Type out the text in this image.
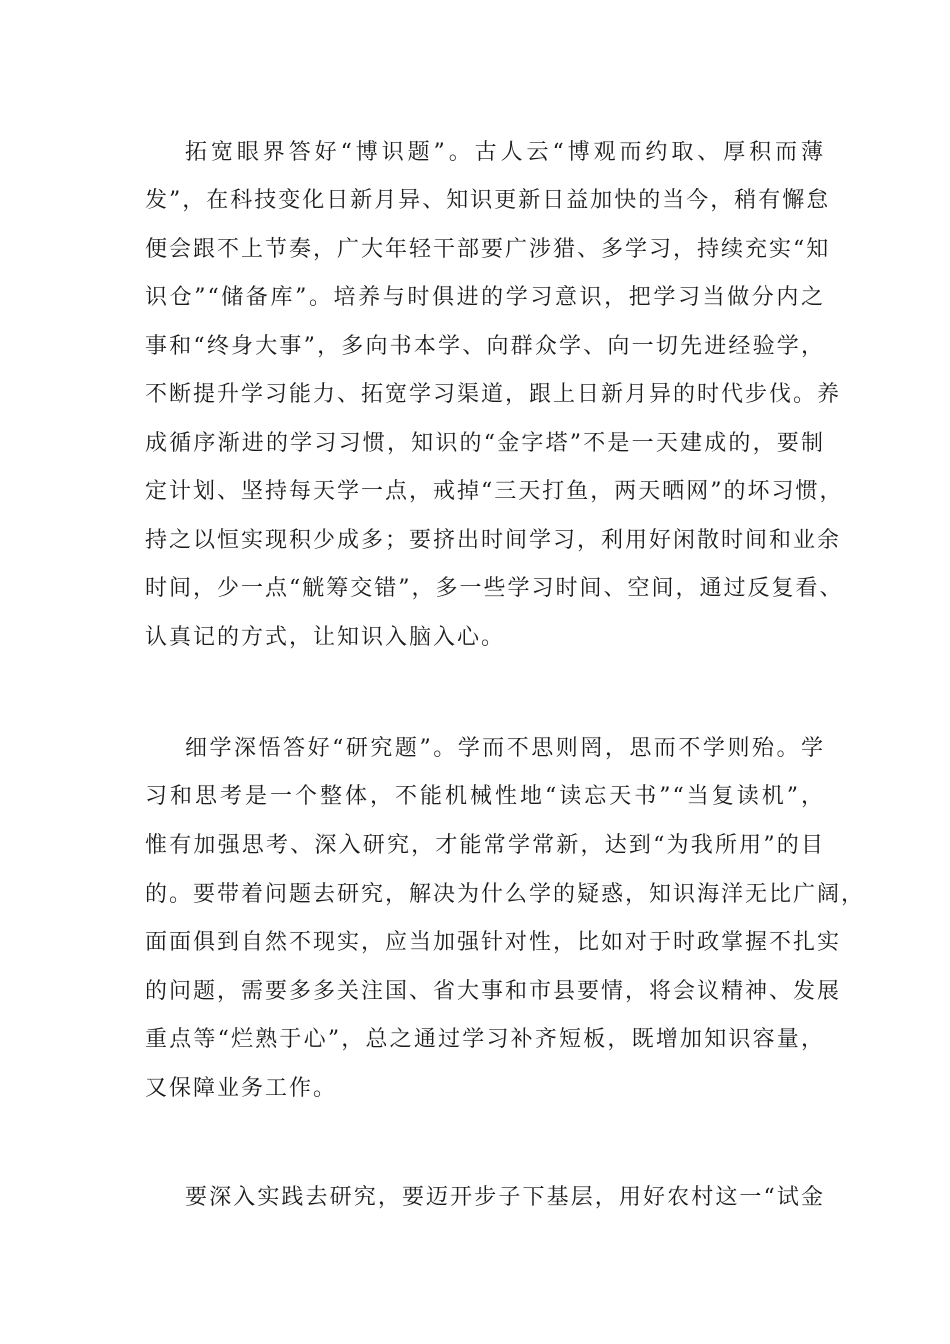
拓宽眼界答好“博识题”。古人云“博观而约取、厚积而薄
发”，在科技变化日新月异、知识更新日益加快的当今，稍有懈怠
便会跟不上节奏，广大年轻干部要广涉猎、多学习，持续充实“知
识仓”“储备库”。培养与时俱进的学习意识，把学习当做分内之
事和“终身大事”，多向书本学、向群众学、向一切先进经验学，
不断提升学习能力、拓宽学习渠道，跟上日新月异的时代步伐。养
成循序渐进的学习习惯，知识的“金字塔”不是一天建成的，要制
定计划、坚持每天学一点，戒掉“三天打鱼，两天晒网”的坏习惯，
持之以恒实现积少成多；要挤出时间学习，利用好闲散时间和业余
时间，少一点“觥筹交错”，多一些学习时间、空间，通过反复看、
认真记的方式，让知识入脑入心。
细学深悟答好“研究题”。学而不思则罔，思而不学则殆。学
习和思考是一个整体，不能机械性地“读忘天书”“当复读机”，
惟有加强思考、深入研究，才能常学常新，达到“为我所用”的目
的。要带着问题去研究，解决为什么学的疑惑，知识海洋无比广阔，
面面俱到自然不现实，应当加强针对性，比如对于时政掌握不扎实
的问题，需要多多关注国、省大事和市县要情，将会议精神、发展
重点等“烂熟于心”，总之通过学习补齐短板，既增加知识容量，
又保障业务工作。
要深入实践去研究，要迈开步子下基层，用好农村这一“试金
